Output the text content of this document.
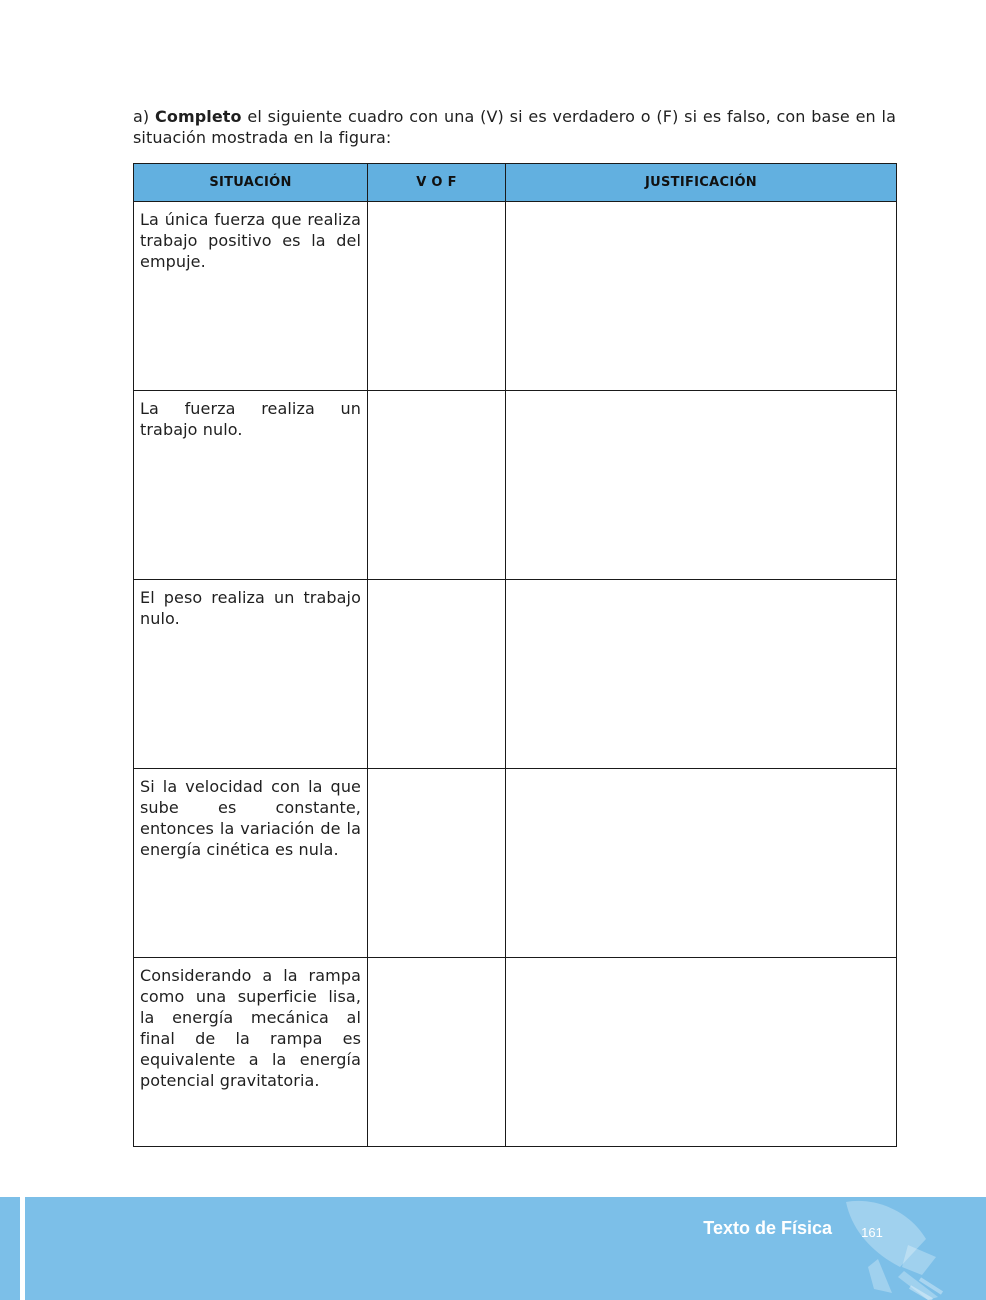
a) Completo el siguiente cuadro con una (V) si es verdadero o (F) si es falso, con base en la situación mostrada en la figura:

SITUACIÓN	V O F	JUSTIFICACIÓN

La única fuerza que realiza trabajo positivo es la del empuje.		

La fuerza realiza un trabajo nulo.		

El peso realiza un trabajo nulo.		

Si la velocidad con la que sube es constante, entonces la variación de la energía cinética es nula.		

Considerando a la rampa como una superficie lisa, la energía mecánica al final de la rampa es equivalente a la energía potencial gravitatoria.		

Texto de Física	161
